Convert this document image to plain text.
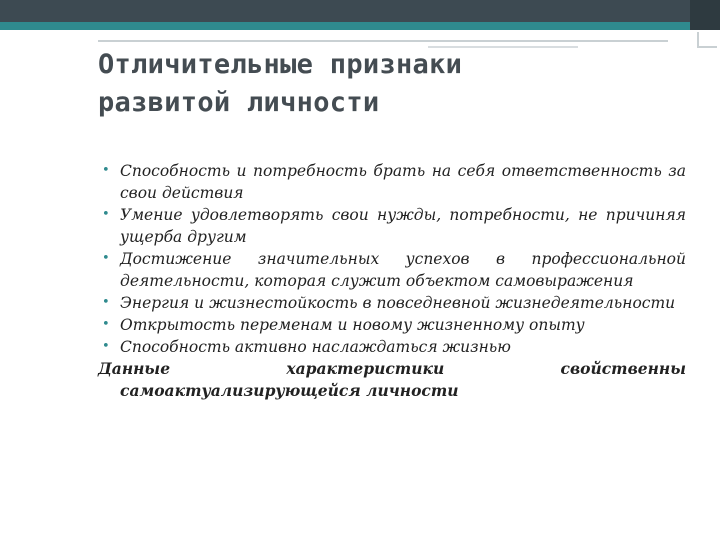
Отличительные признаки
развитой личности
• Способность и потребность брать на себя ответственность за свои действия
• Умение удовлетворять свои нужды, потребности, не причиняя ущерба другим
• Достижение значительных успехов в профессиональной деятельности, которая служит объектом самовыражения
• Энергия и жизнестойкость в повседневной жизнедеятельности
• Открытость переменам и новому жизненному опыту
• Способность активно наслаждаться жизнью
Данные характеристики свойственны самоактуализирующейся личности
